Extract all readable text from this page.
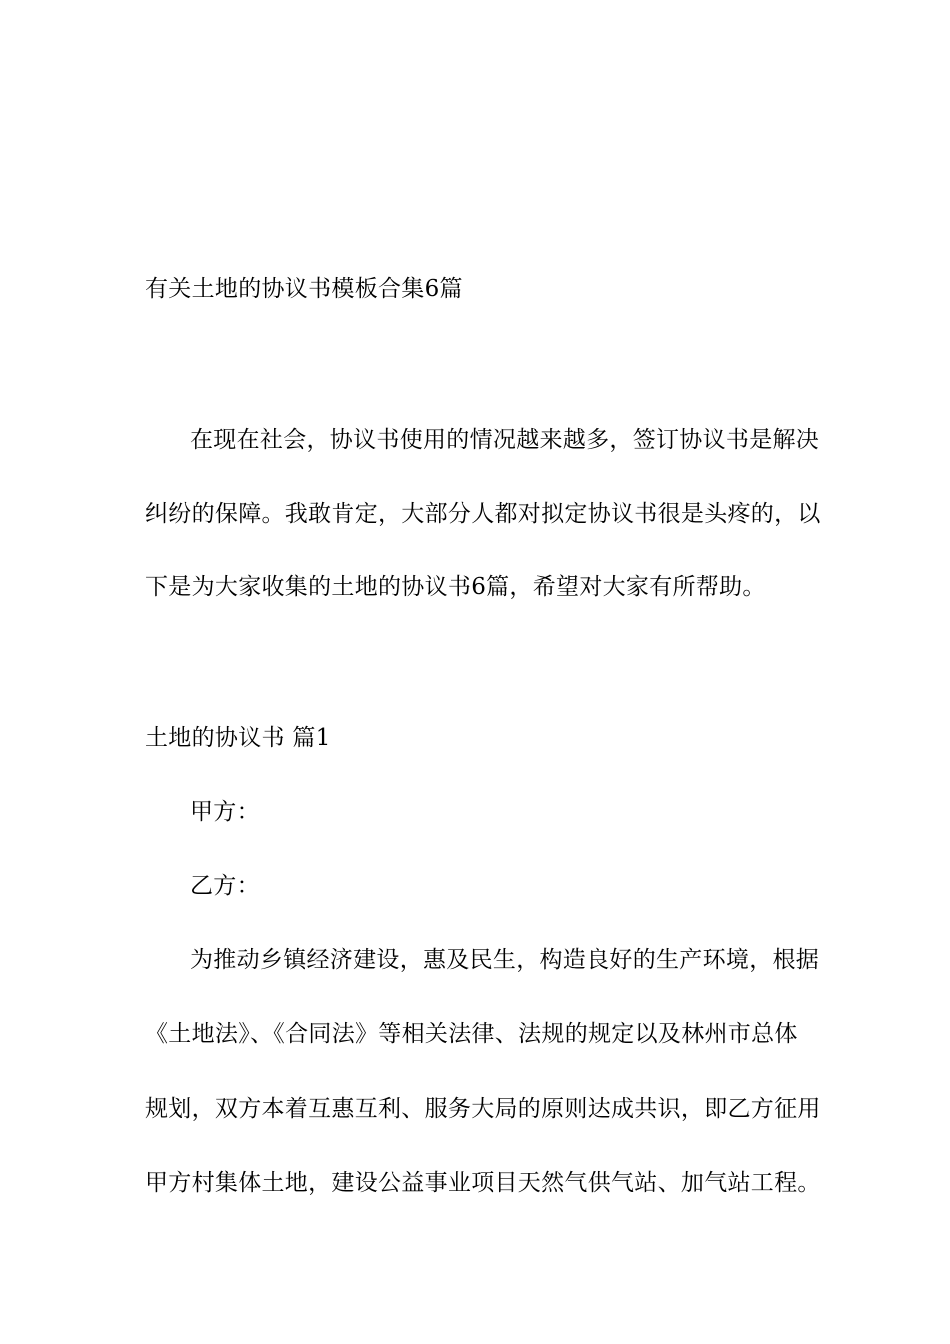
有关土地的协议书模板合集6篇
在现在社会，协议书使用的情况越来越多，签订协议书是解决
纠纷的保障。我敢肯定，大部分人都对拟定协议书很是头疼的，以
下是为大家收集的土地的协议书6篇，希望对大家有所帮助。
土地的协议书 篇1
甲方：
乙方：
为推动乡镇经济建设，惠及民生，构造良好的生产环境，根据
《土地法》、《合同法》等相关法律、法规的规定以及林州市总体
规划，双方本着互惠互利、服务大局的原则达成共识，即乙方征用
甲方村集体土地，建设公益事业项目天然气供气站、加气站工程。
